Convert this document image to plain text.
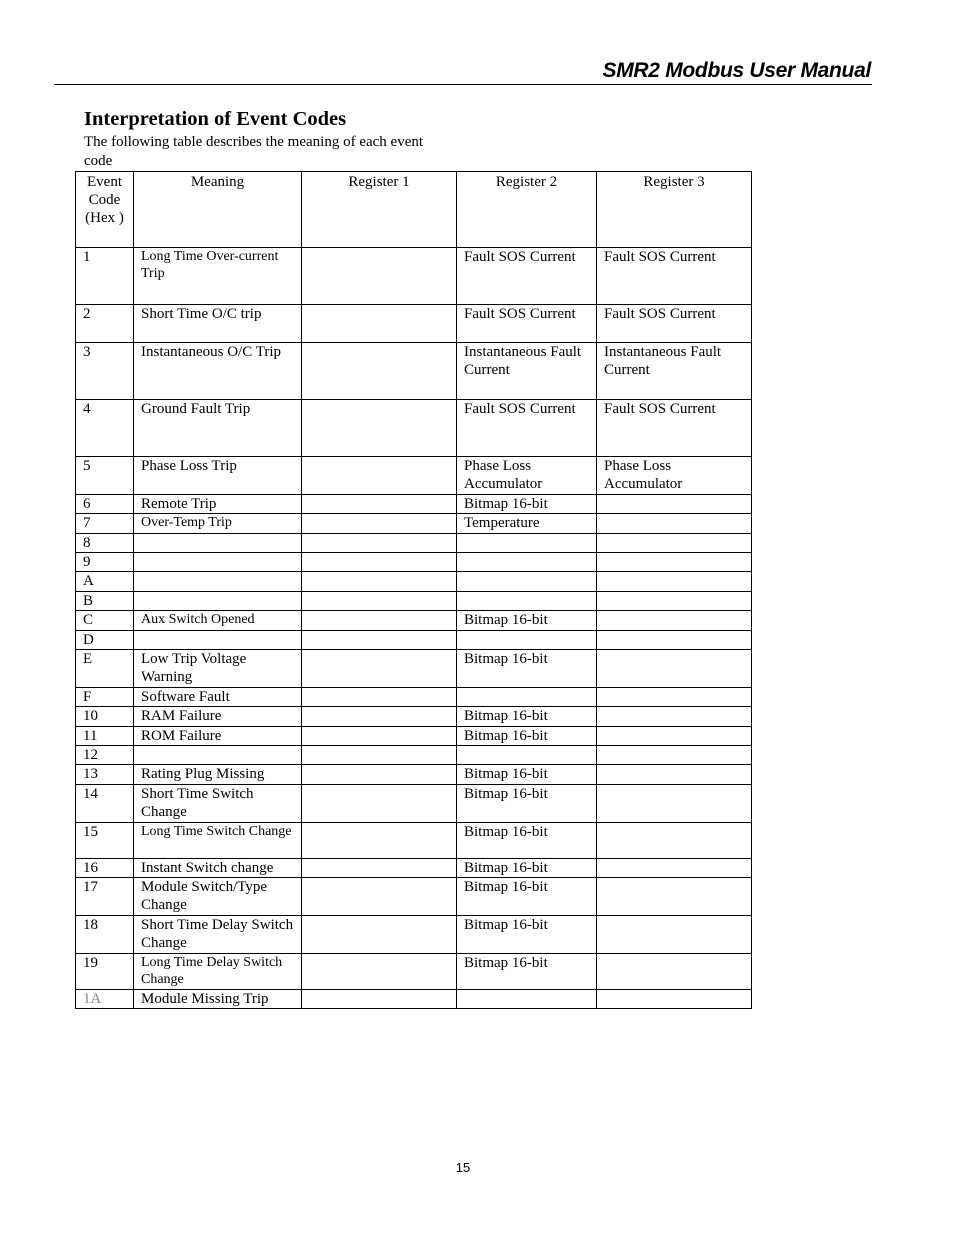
SMR2 Modbus User Manual
Interpretation of Event Codes
The following table describes the meaning of each event code
Event Code (Hex )	Meaning	Register 1	Register 2	Register 3
1	Long Time Over-current Trip		Fault SOS Current	Fault SOS Current
2	Short Time O/C trip		Fault SOS Current	Fault SOS Current
3	Instantaneous O/C Trip		Instantaneous Fault Current	Instantaneous Fault Current
4	Ground Fault Trip		Fault SOS Current	Fault SOS Current
5	Phase Loss Trip		Phase Loss Accumulator	Phase Loss Accumulator
6	Remote Trip		Bitmap 16-bit	
7	Over-Temp Trip		Temperature	
8				
9				
A				
B				
C	Aux Switch Opened		Bitmap 16-bit	
D				
E	Low Trip Voltage Warning		Bitmap 16-bit	
F	Software Fault			
10	RAM Failure		Bitmap 16-bit	
11	ROM Failure		Bitmap 16-bit	
12				
13	Rating Plug Missing		Bitmap 16-bit	
14	Short Time Switch Change		Bitmap 16-bit	
15	Long Time Switch Change		Bitmap 16-bit	
16	Instant Switch change		Bitmap 16-bit	
17	Module Switch/Type Change		Bitmap 16-bit	
18	Short Time Delay Switch Change		Bitmap 16-bit	
19	Long Time Delay Switch Change		Bitmap 16-bit	
1A	Module Missing Trip			
15
